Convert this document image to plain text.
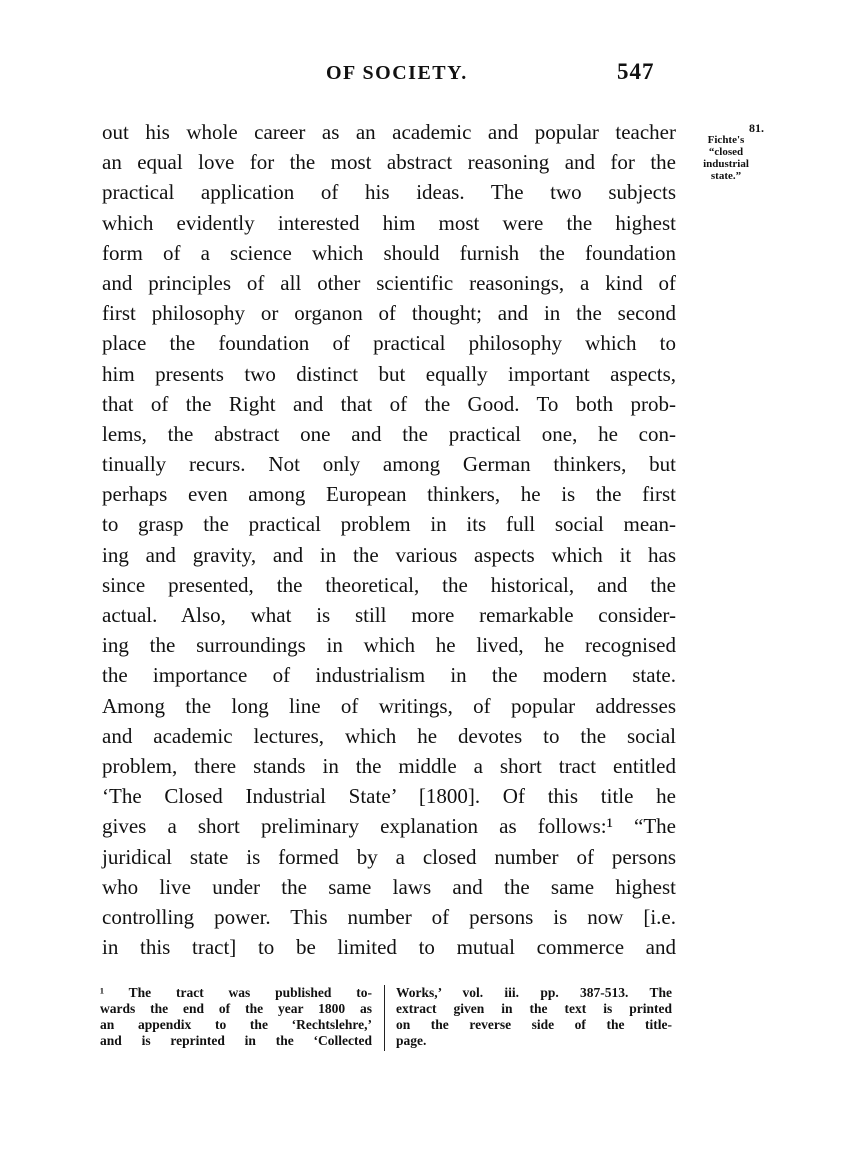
OF SOCIETY.	547
81.
Fichte's
“closed
industrial
state.”
out his whole career as an academic and popular teacher
an equal love for the most abstract reasoning and for the
practical application of his ideas. The two subjects
which evidently interested him most were the highest
form of a science which should furnish the foundation
and principles of all other scientific reasonings, a kind of
first philosophy or organon of thought; and in the second
place the foundation of practical philosophy which to
him presents two distinct but equally important aspects,
that of the Right and that of the Good. To both prob-
lems, the abstract one and the practical one, he con-
tinually recurs. Not only among German thinkers, but
perhaps even among European thinkers, he is the first
to grasp the practical problem in its full social mean-
ing and gravity, and in the various aspects which it has
since presented, the theoretical, the historical, and the
actual. Also, what is still more remarkable consider-
ing the surroundings in which he lived, he recognised
the importance of industrialism in the modern state.
Among the long line of writings, of popular addresses
and academic lectures, which he devotes to the social
problem, there stands in the middle a short tract entitled
‘The Closed Industrial State’ [1800]. Of this title he
gives a short preliminary explanation as follows:¹ “The
juridical state is formed by a closed number of persons
who live under the same laws and the same highest
controlling power. This number of persons is now [i.e.
in this tract] to be limited to mutual commerce and
¹ The tract was published to-
wards the end of the year 1800 as
an appendix to the ‘Rechtslehre,’
and is reprinted in the ‘Collected
Works,’ vol. iii. pp. 387-513. The
extract given in the text is printed
on the reverse side of the title-
page.
